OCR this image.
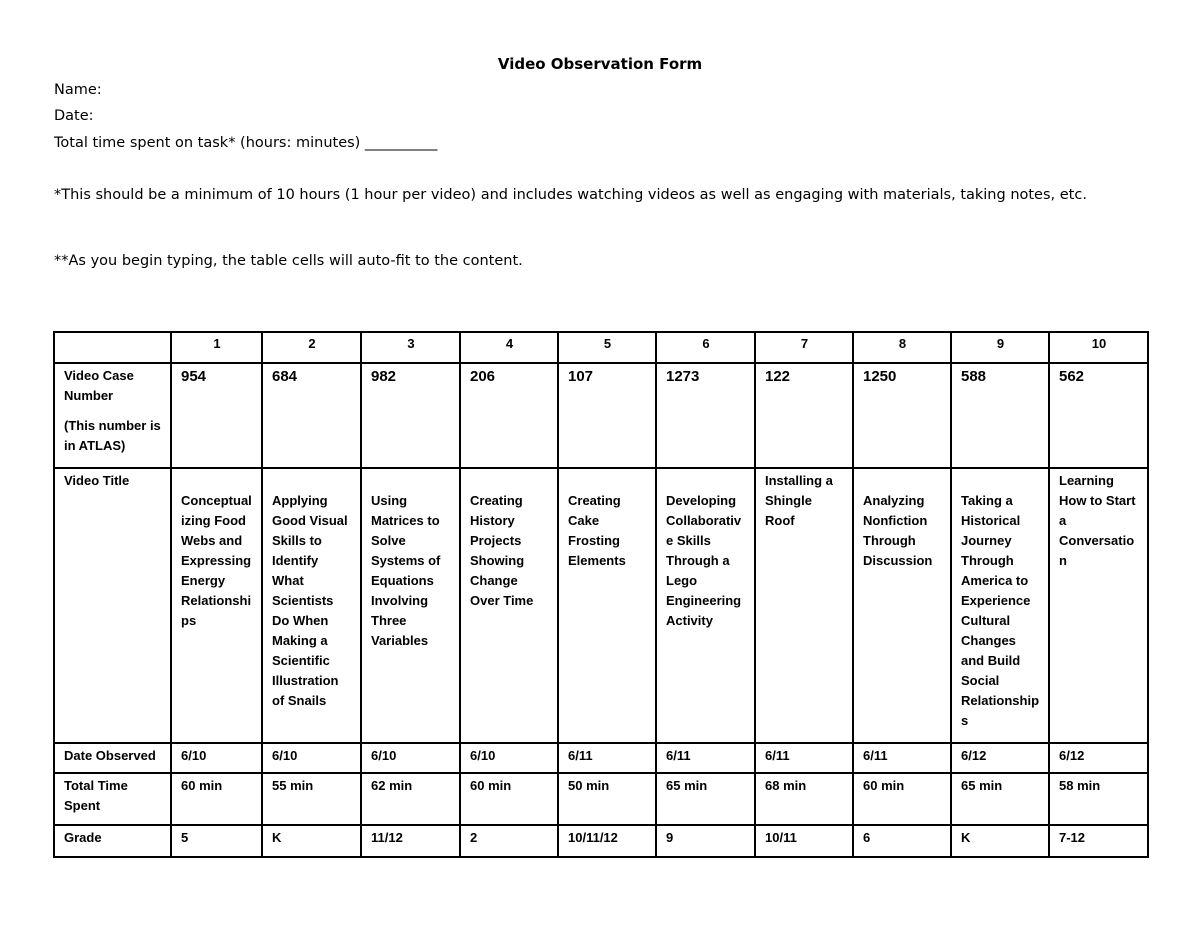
Video Observation Form
Name:
Date:
Total time spent on task* (hours: minutes) __________
*This should be a minimum of 10 hours (1 hour per video) and includes watching videos as well as engaging with materials, taking notes, etc.
**As you begin typing, the table cells will auto-fit to the content.
	1	2	3	4	5	6	7	8	9	10
Video Case Number
(This number is in ATLAS)	954	684	982	206	107	1273	122	1250	588	562

Video Title	Conceptualizing Food Webs and Expressing Energy Relationships	Applying Good Visual Skills to Identify What Scientists Do When Making a Scientific Illustration of Snails	Using Matrices to Solve Systems of Equations Involving Three Variables	Creating History Projects Showing Change Over Time	Creating Cake Frosting Elements	Developing Collaborative Skills Through a Lego Engineering Activity	Installing a Shingle Roof	Analyzing Nonfiction Through Discussion	Taking a Historical Journey Through America to Experience Cultural Changes and Build Social Relationships	Learning How to Start a Conversation
Date Observed	6/10	6/10	6/10	6/10	6/11	6/11	6/11	6/11	6/12	6/12
Total Time Spent	60 min	55 min	62 min	60 min	50 min	65 min	68 min	60 min	65 min	58 min
Grade	5	K	11/12	2	10/11/12	9	10/11	6	K	7-12
